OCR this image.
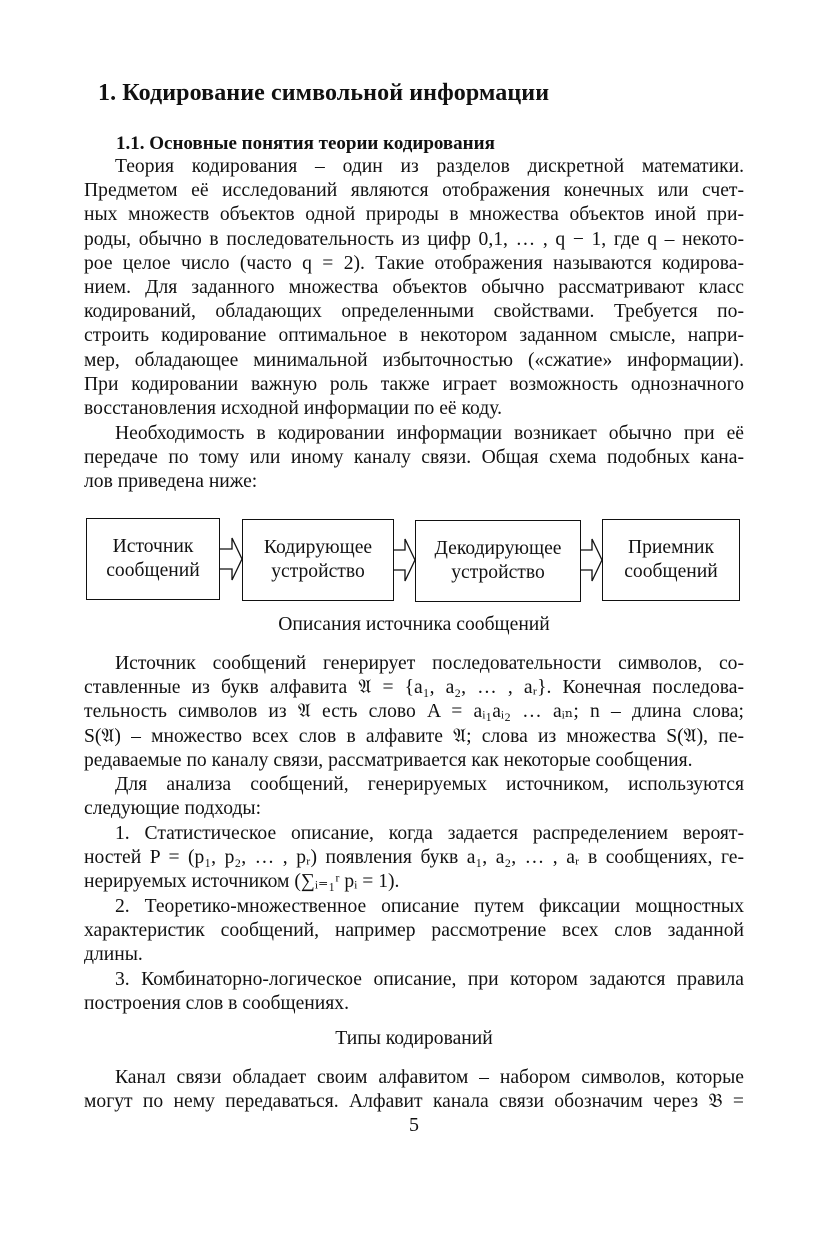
1. Кодирование символьной информации
1.1. Основные понятия теории кодирования
Теория кодирования – один из разделов дискретной математики.
Предметом её исследований являются отображения конечных или счет-
ных множеств объектов одной природы в множества объектов иной при-
роды, обычно в последовательность из цифр 0,1, … , q − 1, где q – некото-
рое целое число (часто q = 2). Такие отображения называются кодирова-
нием. Для заданного множества объектов обычно рассматривают класс
кодирований, обладающих определенными свойствами. Требуется по-
строить кодирование оптимальное в некотором заданном смысле, напри-
мер, обладающее минимальной избыточностью («сжатие» информации).
При кодировании важную роль также играет возможность однозначного
восстановления исходной информации по её коду.
Необходимость в кодировании информации возникает обычно при её
передаче по тому или иному каналу связи. Общая схема подобных кана-
лов приведена ниже:
Источник
сообщений
Кодирующее
устройство
Декодирующее
устройство
Приемник
сообщений
Описания источника сообщений
Источник сообщений генерирует последовательности символов, со-
ставленные из букв алфавита 𝔄 = {a₁, a₂, … , aᵣ}. Конечная последова-
тельность символов из 𝔄 есть слово A = aᵢ₁aᵢ₂ … aᵢₙ; n – длина слова;
S(𝔄) – множество всех слов в алфавите 𝔄; слова из множества S(𝔄), пе-
редаваемые по каналу связи, рассматривается как некоторые сообщения.
Для анализа сообщений, генерируемых источником, используются
следующие подходы:
1. Статистическое описание, когда задается распределением вероят-
ностей P = (p₁, p₂, … , pᵣ) появления букв a₁, a₂, … , aᵣ в сообщениях, ге-
нерируемых источником (∑ᵢ₌₁ʳ pᵢ = 1).
2. Теоретико-множественное описание путем фиксации мощностных
характеристик сообщений, например рассмотрение всех слов заданной
длины.
3. Комбинаторно-логическое описание, при котором задаются правила
построения слов в сообщениях.
Типы кодирований
Канал связи обладает своим алфавитом – набором символов, которые
могут по нему передаваться. Алфавит канала связи обозначим через 𝔅 =
5
